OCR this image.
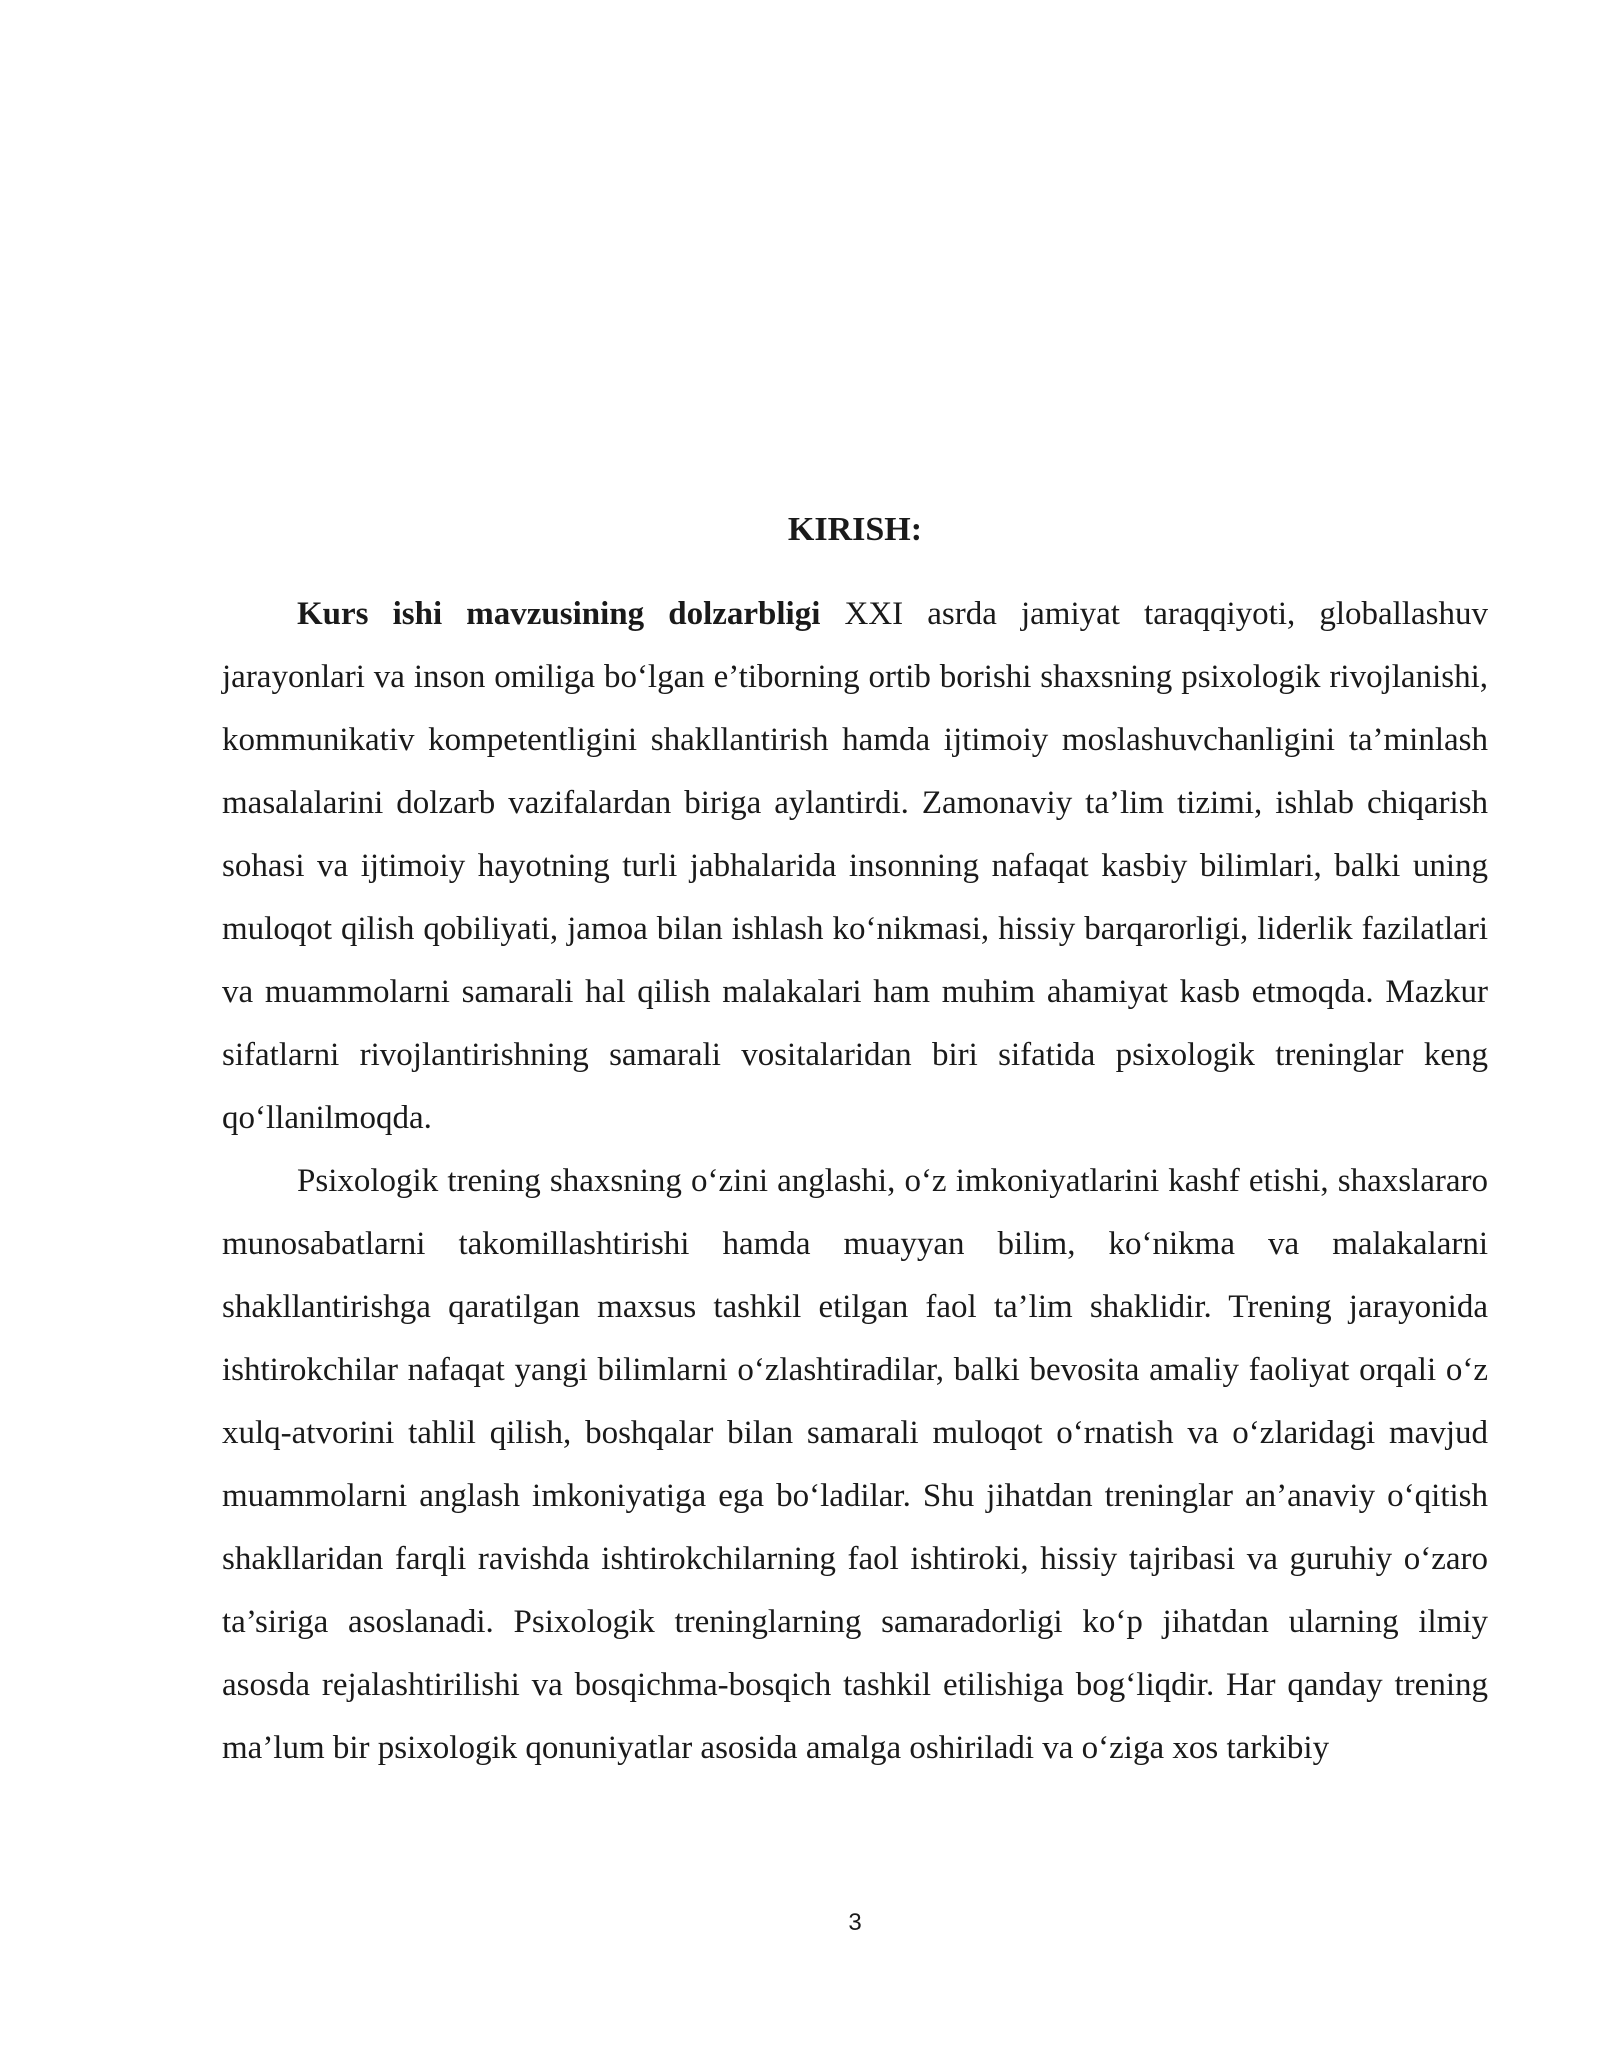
KIRISH:

Kurs ishi mavzusining dolzarbligi XXI asrda jamiyat taraqqiyoti, globallashuv jarayonlari va inson omiliga bo‘lgan e’tiborning ortib borishi shaxsning psixologik rivojlanishi, kommunikativ kompetentligini shakllantirish hamda ijtimoiy moslashuvchanligini ta’minlash masalalarini dolzarb vazifalardan biriga aylantirdi. Zamonaviy ta’lim tizimi, ishlab chiqarish sohasi va ijtimoiy hayotning turli jabhalarida insonning nafaqat kasbiy bilimlari, balki uning muloqot qilish qobiliyati, jamoa bilan ishlash ko‘nikmasi, hissiy barqarorligi, liderlik fazilatlari va muammolarni samarali hal qilish malakalari ham muhim ahamiyat kasb etmoqda. Mazkur sifatlarni rivojlantirishning samarali vositalaridan biri sifatida psixologik treninglar keng qo‘llanilmoqda.

Psixologik trening shaxsning o‘zini anglashi, o‘z imkoniyatlarini kashf etishi, shaxslararo munosabatlarni takomillashtirishi hamda muayyan bilim, ko‘nikma va malakalarni shakllantirishga qaratilgan maxsus tashkil etilgan faol ta’lim shaklidir. Trening jarayonida ishtirokchilar nafaqat yangi bilimlarni o‘zlashtiradilar, balki bevosita amaliy faoliyat orqali o‘z xulq-atvorini tahlil qilish, boshqalar bilan samarali muloqot o‘rnatish va o‘zlaridagi mavjud muammolarni anglash imkoniyatiga ega bo‘ladilar. Shu jihatdan treninglar an’anaviy o‘qitish shakllaridan farqli ravishda ishtirokchilarning faol ishtiroki, hissiy tajribasi va guruhiy o‘zaro ta’siriga asoslanadi. Psixologik treninglarning samaradorligi ko‘p jihatdan ularning ilmiy asosda rejalashtirilishi va bosqichma-bosqich tashkil etilishiga bog‘liqdir. Har qanday trening ma’lum bir psixologik qonuniyatlar asosida amalga oshiriladi va o‘ziga xos tarkibiy

3
